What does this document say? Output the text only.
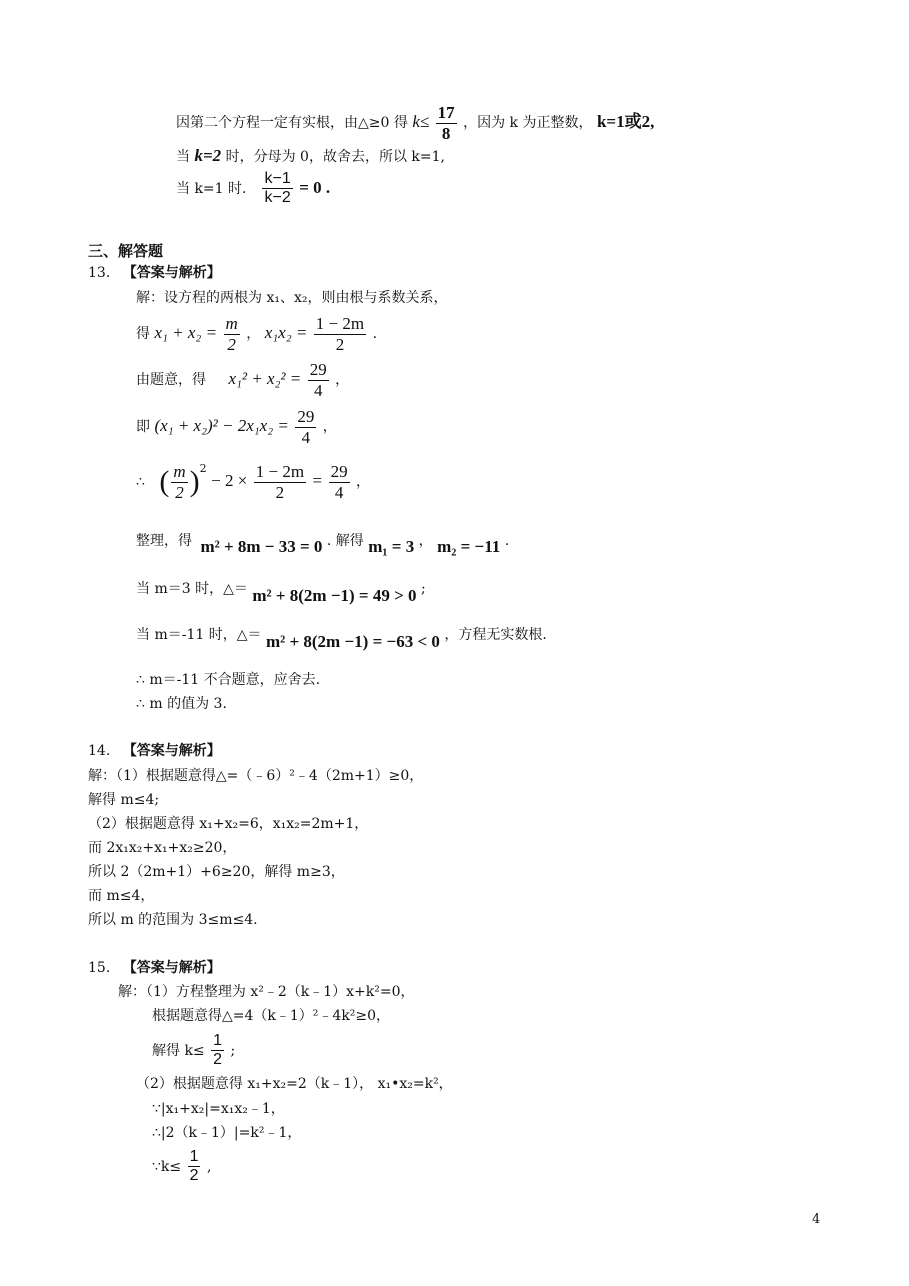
因第二个方程一定有实根，由△≥0 得 $k\le \frac{17}{8}$ ，因为 k 为正整数， k=1或2,
当 k=2 时，分母为 0，故舍去，所以 k=1,
当 k=1 时． $\frac{k-1}{k-2} = 0$ .
三、解答题
13. 【答案与解析】
解：设方程的两根为 x₁、x₂，则由根与系数关系，
得 $x_1 + x_2 = \frac{m}{2}$ ， $x_1x_2 = \frac{1 - 2m}{2}$ .
由题意，得 $x_1^2 + x_2^2 = \frac{29}{4}$ ，
即 $(x_1 + x_2)^2 - 2x_1x_2 = \frac{29}{4}$ ，
∴ ( $\frac{m}{2} )^2 - 2 \times \frac{1 - 2m}{2} = \frac{29}{4}$ ，
整理，得 m² + 8m − 33 = 0 . 解得 m₁ = 3 ， m₂ = −11 .
当 m＝3 时，△＝ m² + 8(2m −1) = 49 > 0 ;
当 m＝-11 时，△＝ m² + 8(2m −1) = −63 < 0 ，方程无实数根.
∴ m＝-11 不合题意，应舍去.
∴ m 的值为 3.
14. 【答案与解析】
解：（1）根据题意得△=（﹣6）²﹣4（2m+1）≥0，
解得 m≤4;
（2）根据题意得 x₁+x₂=6，x₁x₂=2m+1，
而 2x₁x₂+x₁+x₂≥20，
所以 2（2m+1）+6≥20，解得 m≥3，
而 m≤4，
所以 m 的范围为 3≤m≤4.
15. 【答案与解析】
解：（1）方程整理为 x²﹣2（k﹣1）x+k²=0，
根据题意得△=4（k﹣1）²﹣4k²≥0，
解得 $k\le \frac{1}{2}$ ;
（2）根据题意得 x₁+x₂=2（k﹣1）， x₁•x₂=k²，
∵|x₁+x₂|=x₁x₂﹣1，
∴|2（k﹣1）|=k²﹣1，
∵k≤ $\frac{1}{2}$ ,
4
